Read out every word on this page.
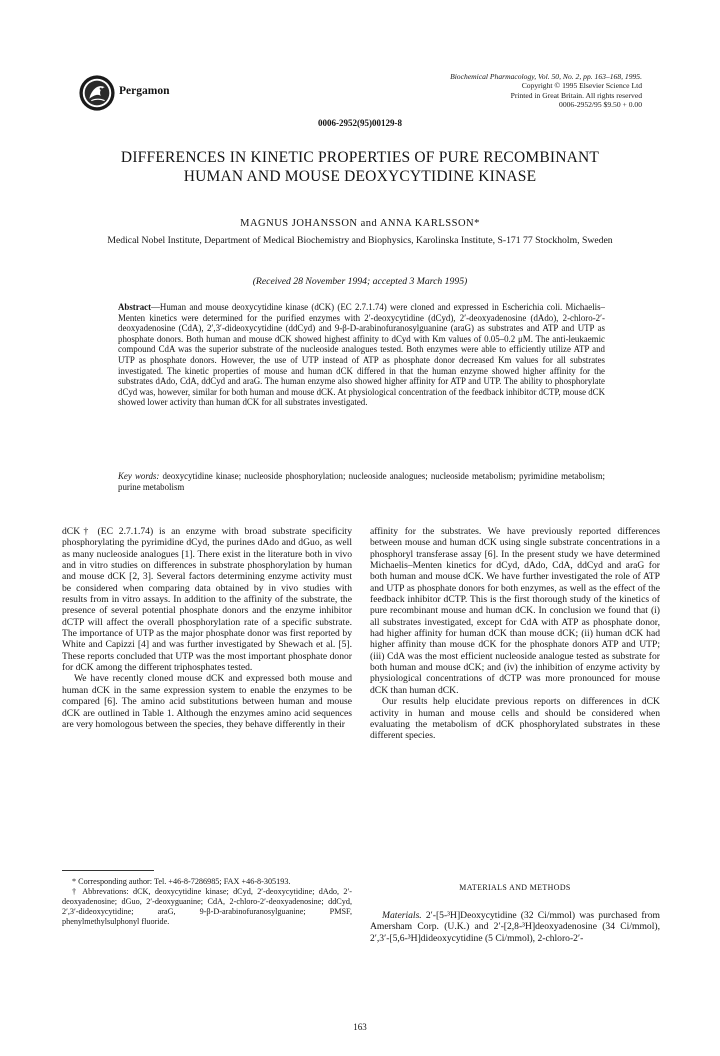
Pergamon
Biochemical Pharmacology, Vol. 50, No. 2, pp. 163–168, 1995.
Copyright © 1995 Elsevier Science Ltd
Printed in Great Britain. All rights reserved
0006-2952/95 $9.50 + 0.00
0006-2952(95)00129-8
DIFFERENCES IN KINETIC PROPERTIES OF PURE RECOMBINANT HUMAN AND MOUSE DEOXYCYTIDINE KINASE
MAGNUS JOHANSSON and ANNA KARLSSON*
Medical Nobel Institute, Department of Medical Biochemistry and Biophysics, Karolinska Institute, S-171 77 Stockholm, Sweden
(Received 28 November 1994; accepted 3 March 1995)
Abstract—Human and mouse deoxycytidine kinase (dCK) (EC 2.7.1.74) were cloned and expressed in Escherichia coli. Michaelis–Menten kinetics were determined for the purified enzymes with 2′-deoxycytidine (dCyd), 2′-deoxyadenosine (dAdo), 2-chloro-2′-deoxyadenosine (CdA), 2′,3′-dideoxycytidine (ddCyd) and 9-β-D-arabinofuranosylguanine (araG) as substrates and ATP and UTP as phosphate donors. Both human and mouse dCK showed highest affinity to dCyd with Km values of 0.05–0.2 μM. The anti-leukaemic compound CdA was the superior substrate of the nucleoside analogues tested. Both enzymes were able to efficiently utilize ATP and UTP as phosphate donors. However, the use of UTP instead of ATP as phosphate donor decreased Km values for all substrates investigated. The kinetic properties of mouse and human dCK differed in that the human enzyme showed higher affinity for the substrates dAdo, CdA, ddCyd and araG. The human enzyme also showed higher affinity for ATP and UTP. The ability to phosphorylate dCyd was, however, similar for both human and mouse dCK. At physiological concentration of the feedback inhibitor dCTP, mouse dCK showed lower activity than human dCK for all substrates investigated.
Key words: deoxycytidine kinase; nucleoside phosphorylation; nucleoside analogues; nucleoside metabolism; pyrimidine metabolism; purine metabolism

dCK† (EC 2.7.1.74) is an enzyme with broad substrate specificity phosphorylating the pyrimidine dCyd, the purines dAdo and dGuo, as well as many nucleoside analogues [1]. There exist in the literature both in vivo and in vitro studies on differences in substrate phosphorylation by human and mouse dCK [2, 3]. Several factors determining enzyme activity must be considered when comparing data obtained by in vivo studies with results from in vitro assays. In addition to the affinity of the substrate, the presence of several potential phosphate donors and the enzyme inhibitor dCTP will affect the overall phosphorylation rate of a specific substrate. The importance of UTP as the major phosphate donor was first reported by White and Capizzi [4] and was further investigated by Shewach et al. [5]. These reports concluded that UTP was the most important phosphate donor for dCK among the different triphosphates tested.

We have recently cloned mouse dCK and expressed both mouse and human dCK in the same expression system to enable the enzymes to be compared [6]. The amino acid substitutions between human and mouse dCK are outlined in Table 1. Although the enzymes amino acid sequences are very homologous between the species, they behave differently in their

affinity for the substrates. We have previously reported differences between mouse and human dCK using single substrate concentrations in a phosphoryl transferase assay [6]. In the present study we have determined Michaelis–Menten kinetics for dCyd, dAdo, CdA, ddCyd and araG for both human and mouse dCK. We have further investigated the role of ATP and UTP as phosphate donors for both enzymes, as well as the effect of the feedback inhibitor dCTP. This is the first thorough study of the kinetics of pure recombinant mouse and human dCK. In conclusion we found that (i) all substrates investigated, except for CdA with ATP as phosphate donor, had higher affinity for human dCK than mouse dCK; (ii) human dCK had higher affinity than mouse dCK for the phosphate donors ATP and UTP; (iii) CdA was the most efficient nucleoside analogue tested as substrate for both human and mouse dCK; and (iv) the inhibition of enzyme activity by physiological concentrations of dCTP was more pronounced for mouse dCK than human dCK.

Our results help elucidate previous reports on differences in dCK activity in human and mouse cells and should be considered when evaluating the metabolism of dCK phosphorylated substrates in these different species.

* Corresponding author: Tel. +46-8-7286985; FAX +46-8-305193.

† Abbrevations: dCK, deoxycytidine kinase; dCyd, 2′-deoxycytidine; dAdo, 2′-deoxyadenosine; dGuo, 2′-deoxyguanine; CdA, 2-chloro-2′-deoxyadenosine; ddCyd, 2′,3′-dideoxycytidine; araG, 9-β-D-arabinofuranosylguanine; PMSF, phenylmethylsulphonyl fluoride.

MATERIALS AND METHODS

Materials. 2′-[5-³H]Deoxycytidine (32 Ci/mmol) was purchased from Amersham Corp. (U.K.) and 2′-[2,8-³H]deoxyadenosine (34 Ci/mmol), 2′,3′-[5,6-³H]dideoxycytidine (5 Ci/mmol), 2-chloro-2′-

163
